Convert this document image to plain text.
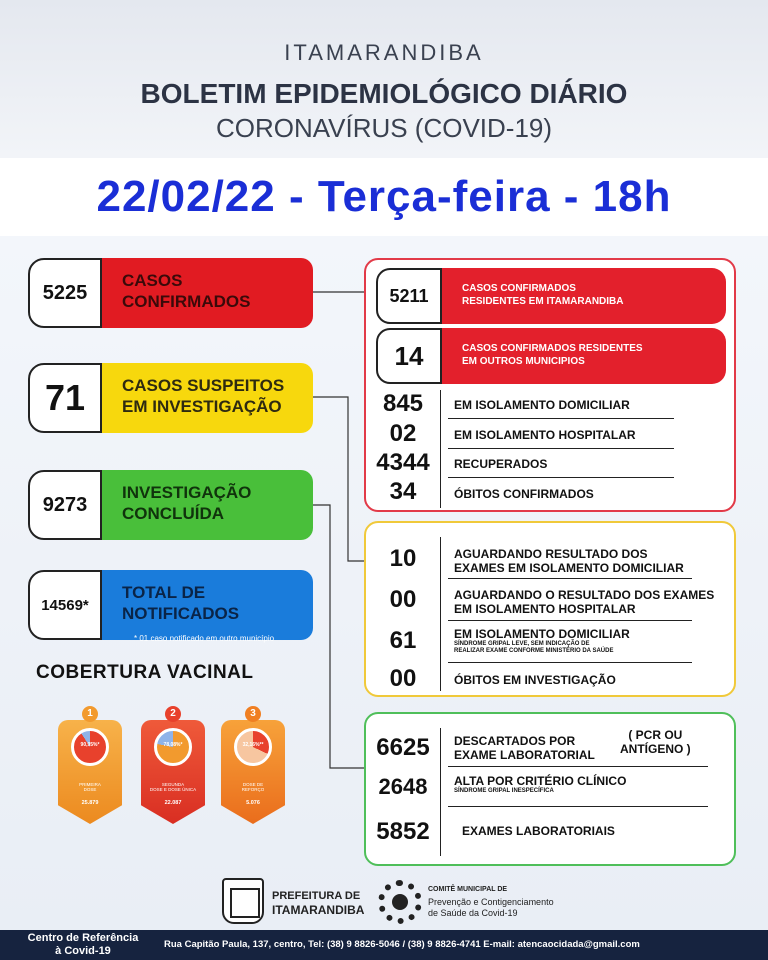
ITAMARANDIBA
BOLETIM EPIDEMIOLÓGICO DIÁRIO
CORONAVÍRUS (COVID-19)
22/02/22 - Terça-feira - 18h
5225
CASOS
CONFIRMADOS
71	CASOS SUSPEITOS
EM INVESTIGAÇÃO
9273
INVESTIGAÇÃO
CONCLUÍDA
14569*
TOTAL DE
NOTIFICADOS
* 01 caso notificado em outro município
5211	CASOS CONFIRMADOS
RESIDENTES EM ITAMARANDIBA
14	CASOS CONFIRMADOS RESIDENTES
EM OUTROS MUNICIPIOS
845	EM ISOLAMENTO DOMICILIAR
02	EM ISOLAMENTO HOSPITALAR
4344	RECUPERADOS
34	ÓBITOS CONFIRMADOS
10	AGUARDANDO RESULTADO DOS
EXAMES EM ISOLAMENTO DOMICILIAR
00	AGUARDANDO O RESULTADO DOS EXAMES
EM ISOLAMENTO HOSPITALAR
61	EM ISOLAMENTO DOMICILIAR
SÍNDROME GRIPAL LEVE, SEM INDICAÇÃO DE
REALIZAR EXAME CONFORME MINISTÉRIO DA SAÚDE
00	ÓBITOS EM INVESTIGAÇÃO
COBERTURA VACINAL
1
90,95%*
PRIMEIRA
DOSE
25.879
2
78,08%*
SEGUNDA
DOSE E DOSE ÚNICA
22.087
3
32,16%**
DOSE DE
REFORÇO
5.076
6625	DESCARTADOS POR
EXAME LABORATORIAL
( PCR OU
ANTÍGENO )
2648	ALTA POR CRITÉRIO CLÍNICO
SÍNDROME GRIPAL INESPECÍFICA
5852	EXAMES LABORATORIAIS
PREFEITURA DE
ITAMARANDIBA
COMITÊ MUNICIPAL DE
Prevenção e Contigenciamento
de Saúde da Covid-19
Centro de Referência
à Covid-19
Rua Capitão Paula, 137, centro, Tel: (38) 9 8826-5046 / (38) 9 8826-4741 E-mail: atencaocidada@gmail.com
